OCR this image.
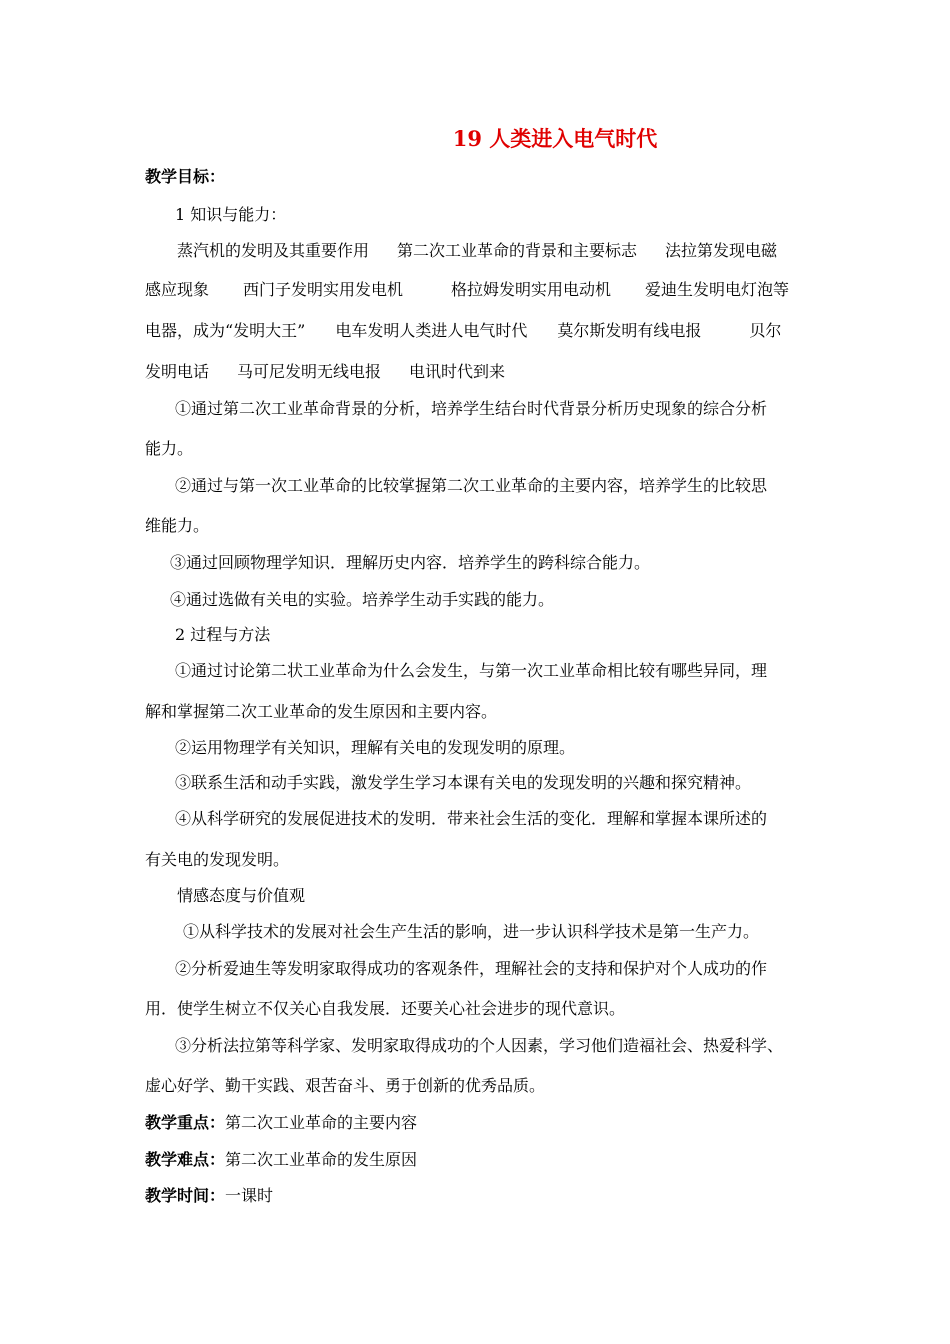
19 人类进入电气时代
教学目标：
1 知识与能力：
蒸汽机的发明及其重要作用 第二次工业革命的背景和主要标志 法拉第发现电磁
感应现象 西门子发明实用发电机	格拉姆发明实用电动机 爱迪生发明电灯泡等
电器，成为“发明大王” 电车发明人类进人电气时代 莫尔斯发明有线电报	贝尔
发明电话 马可尼发明无线电报 电讯时代到来
①通过第二次工业革命背景的分析，培养学生结台时代背景分析历史现象的综合分析
能力。
②通过与第一次工业革命的比较掌握第二次工业革命的主要内容，培养学生的比较思
维能力。
③通过回顾物理学知识．理解历史内容．培养学生的跨科综合能力。
④通过选做有关电的实验。培养学生动手实践的能力。
2 过程与方法
①通过讨论第二状工业革命为什么会发生，与第一次工业革命相比较有哪些异同，理
解和掌握第二次工业革命的发生原因和主要内容。
②运用物理学有关知识，理解有关电的发现发明的原理。
③联系生活和动手实践，激发学生学习本课有关电的发现发明的兴趣和探究精神。
④从科学研究的发展促进技术的发明．带来社会生活的变化．理解和掌握本课所述的
有关电的发现发明。
情感态度与价值观
①从科学技术的发展对社会生产生活的影响，进一步认识科学技术是第一生产力。
②分析爱迪生等发明家取得成功的客观条件，理解社会的支持和保护对个人成功的作
用．使学生树立不仅关心自我发展．还要关心社会进步的现代意识。
③分析法拉第等科学家、发明家取得成功的个人因素，学习他们造福社会、热爱科学、
虚心好学、勤干实践、艰苦奋斗、勇于创新的优秀品质。
教学重点：第二次工业革命的主要内容
教学难点：第二次工业革命的发生原因
教学时间：一课时
